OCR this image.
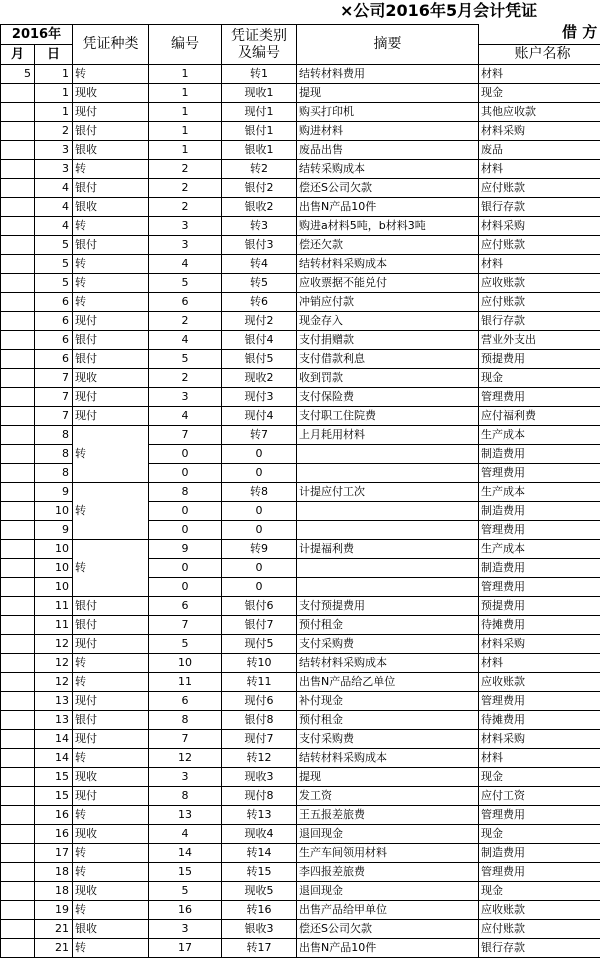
×公司2016年5月会计凭证
借 方
2016年		凭证种类	编号	凭证类别
及编号	摘要	
月	日					账户名称
5	1	转	1	转1	结转材料费用	材料
	1	现收	1	现收1	提现	现金
	1	现付	1	现付1	购买打印机	其他应收款
	2	银付	1	银付1	购进材料	材料采购
	3	银收	1	银收1	废品出售	废品
	3	转	2	转2	结转采购成本	材料
	4	银付	2	银付2	偿还S公司欠款	应付账款
	4	银收	2	银收2	出售N产品10件	银行存款
	4	转	3	转3	购进a材料5吨，b材料3吨	材料采购
	5	银付	3	银付3	偿还欠款	应付账款
	5	转	4	转4	结转材料采购成本	材料
	5	转	5	转5	应收票据不能兑付	应收账款
	6	转	6	转6	冲销应付款	应付账款
	6	现付	2	现付2	现金存入	银行存款
	6	银付	4	银付4	支付捐赠款	营业外支出
	6	银付	5	银付5	支付借款利息	预提费用
	7	现收	2	现收2	收到罚款	现金
	7	现付	3	现付3	支付保险费	管理费用
	7	现付	4	现付4	支付职工住院费	应付福利费
	8	转	7	转7	上月耗用材料	生产成本
	8		0	0		制造费用
	8		0	0		管理费用
	9	转	8	转8	计提应付工次	生产成本
	10		0	0		制造费用
	9		0	0		管理费用
	10	转	9	转9	计提福利费	生产成本
	10		0	0		制造费用
	10		0	0		管理费用
	11	银付	6	银付6	支付预提费用	预提费用
	11	银付	7	银付7	预付租金	待摊费用
	12	现付	5	现付5	支付采购费	材料采购
	12	转	10	转10	结转材料采购成本	材料
	12	转	11	转11	出售N产品给乙单位	应收账款
	13	现付	6	现付6	补付现金	管理费用
	13	银付	8	银付8	预付租金	待摊费用
	14	现付	7	现付7	支付采购费	材料采购
	14	转	12	转12	结转材料采购成本	材料
	15	现收	3	现收3	提现	现金
	15	现付	8	现付8	发工资	应付工资
	16	转	13	转13	王五报差旅费	管理费用
	16	现收	4	现收4	退回现金	现金
	17	转	14	转14	生产车间领用材料	制造费用
	18	转	15	转15	李四报差旅费	管理费用
	18	现收	5	现收5	退回现金	现金
	19	转	16	转16	出售产品给甲单位	应收账款
	21	银收	3	银收3	偿还S公司欠款	应付账款
	21	转	17	转17	出售N产品10件	银行存款
